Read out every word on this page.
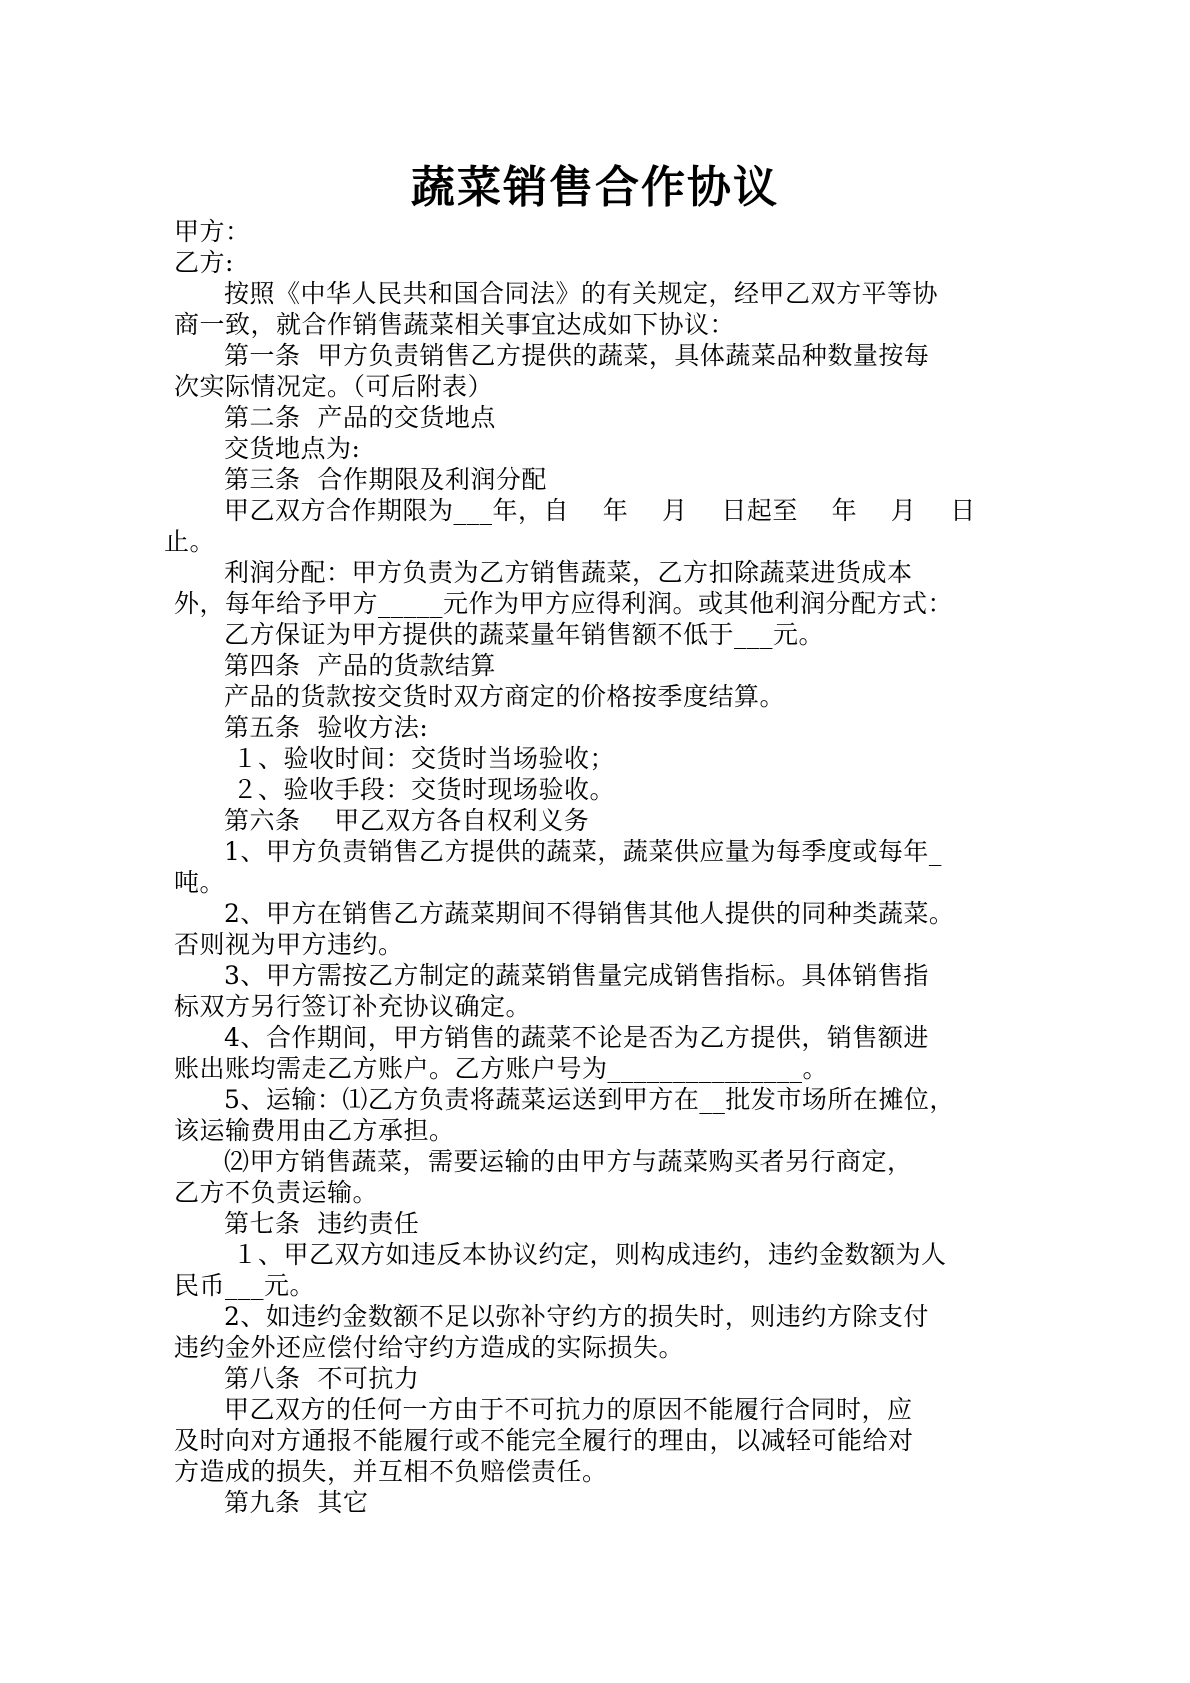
蔬菜销售合作协议
甲方：
乙方:
按照《中华人民共和国合同法》的有关规定，经甲乙双方平等协
商一致，就合作销售蔬菜相关事宜达成如下协议：
第一条  甲方负责销售乙方提供的蔬菜，具体蔬菜品种数量按每
次实际情况定。（可后附表）
第二条  产品的交货地点
交货地点为:
第三条  合作期限及利润分配
甲乙双方合作期限为___年，自    年    月    日起至    年    月    日
止。
利润分配：甲方负责为乙方销售蔬菜，乙方扣除蔬菜进货成本
外，每年给予甲方_____元作为甲方应得利润。或其他利润分配方式：
乙方保证为甲方提供的蔬菜量年销售额不低于___元。
第四条  产品的货款结算
产品的货款按交货时双方商定的价格按季度结算。
第五条  验收方法:
１、验收时间：交货时当场验收；
２、验收手段：交货时现场验收。
第六条    甲乙双方各自权利义务
1、甲方负责销售乙方提供的蔬菜，蔬菜供应量为每季度或每年_
吨。
2、甲方在销售乙方蔬菜期间不得销售其他人提供的同种类蔬菜。
否则视为甲方违约。
3、甲方需按乙方制定的蔬菜销售量完成销售指标。具体销售指
标双方另行签订补充协议确定。
4、合作期间，甲方销售的蔬菜不论是否为乙方提供，销售额进
账出账均需走乙方账户。乙方账户号为_______________。
5、运输：⑴乙方负责将蔬菜运送到甲方在__批发市场所在摊位，
该运输费用由乙方承担。
⑵甲方销售蔬菜，需要运输的由甲方与蔬菜购买者另行商定，
乙方不负责运输。
第七条  违约责任
１、甲乙双方如违反本协议约定，则构成违约，违约金数额为人
民币___元。
2、如违约金数额不足以弥补守约方的损失时，则违约方除支付
违约金外还应偿付给守约方造成的实际损失。
第八条  不可抗力
甲乙双方的任何一方由于不可抗力的原因不能履行合同时，应
及时向对方通报不能履行或不能完全履行的理由，以减轻可能给对
方造成的损失，并互相不负赔偿责任。
第九条  其它
